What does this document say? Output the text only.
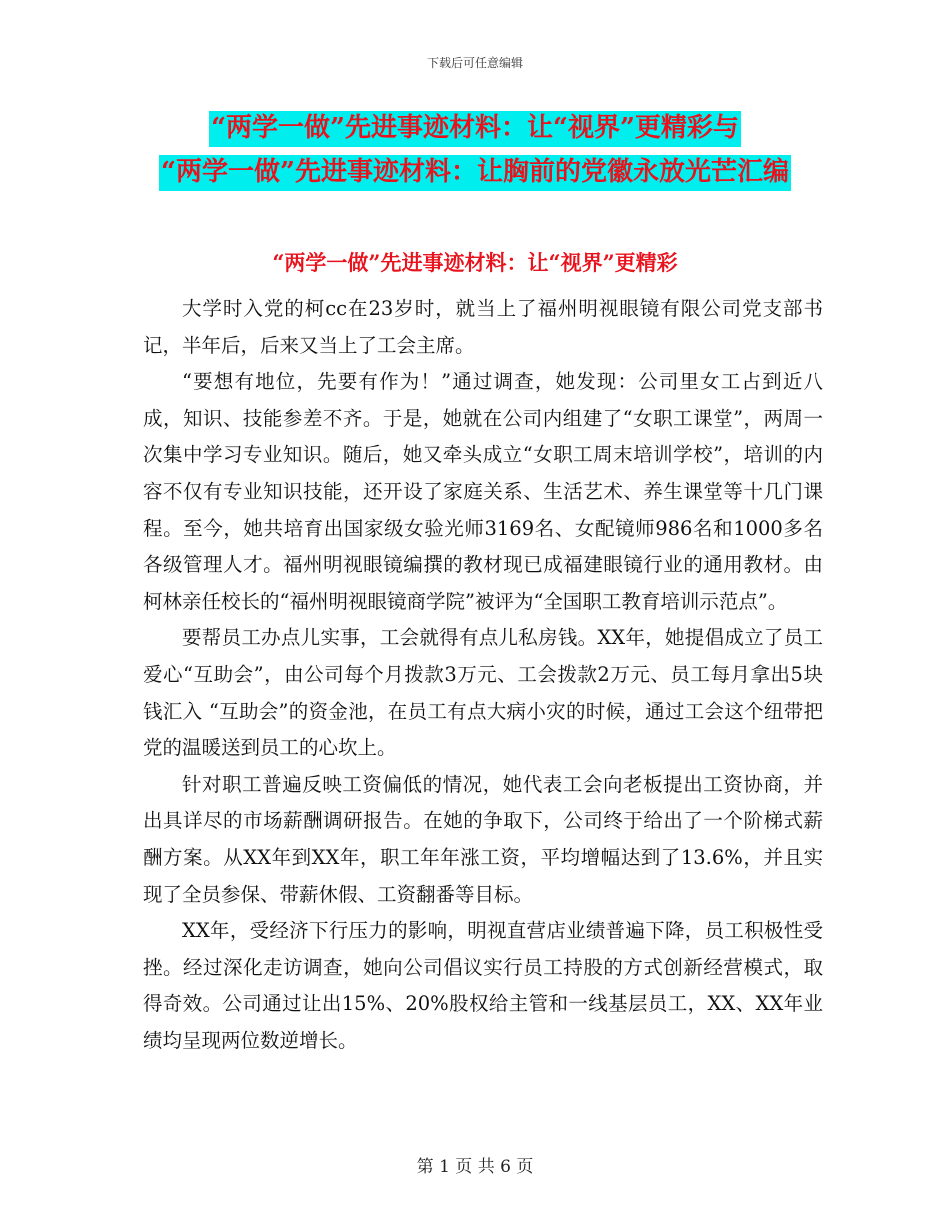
下载后可任意编辑
“两学一做”先进事迹材料：让“视界”更精彩与
“两学一做”先进事迹材料：让胸前的党徽永放光芒汇编
“两学一做”先进事迹材料：让“视界”更精彩

大学时入党的柯cc在23岁时，就当上了福州明视眼镜有限公司党支部书记，半年后，后来又当上了工会主席。

“要想有地位，先要有作为！”通过调查，她发现：公司里女工占到近八成，知识、技能参差不齐。于是，她就在公司内组建了“女职工课堂”，两周一次集中学习专业知识。随后，她又牵头成立“女职工周末培训学校”，培训的内容不仅有专业知识技能，还开设了家庭关系、生活艺术、养生课堂等十几门课程。至今，她共培育出国家级女验光师3169名、女配镜师986名和1000多名各级管理人才。福州明视眼镜编撰的教材现已成福建眼镜行业的通用教材。由柯林亲任校长的“福州明视眼镜商学院”被评为“全国职工教育培训示范点”。

要帮员工办点儿实事，工会就得有点儿私房钱。XX年，她提倡成立了员工爱心“互助会”，由公司每个月拨款3万元、工会拨款2万元、员工每月拿出5块钱汇入 “互助会”的资金池，在员工有点大病小灾的时候，通过工会这个纽带把党的温暖送到员工的心坎上。

针对职工普遍反映工资偏低的情况，她代表工会向老板提出工资协商，并出具详尽的市场薪酬调研报告。在她的争取下，公司终于给出了一个阶梯式薪酬方案。从XX年到XX年，职工年年涨工资，平均增幅达到了13.6%，并且实现了全员参保、带薪休假、工资翻番等目标。

XX年，受经济下行压力的影响，明视直营店业绩普遍下降，员工积极性受挫。经过深化走访调查，她向公司倡议实行员工持股的方式创新经营模式，取得奇效。公司通过让出15%、20%股权给主管和一线基层员工，XX、XX年业绩均呈现两位数逆增长。

第 1 页 共 6 页
